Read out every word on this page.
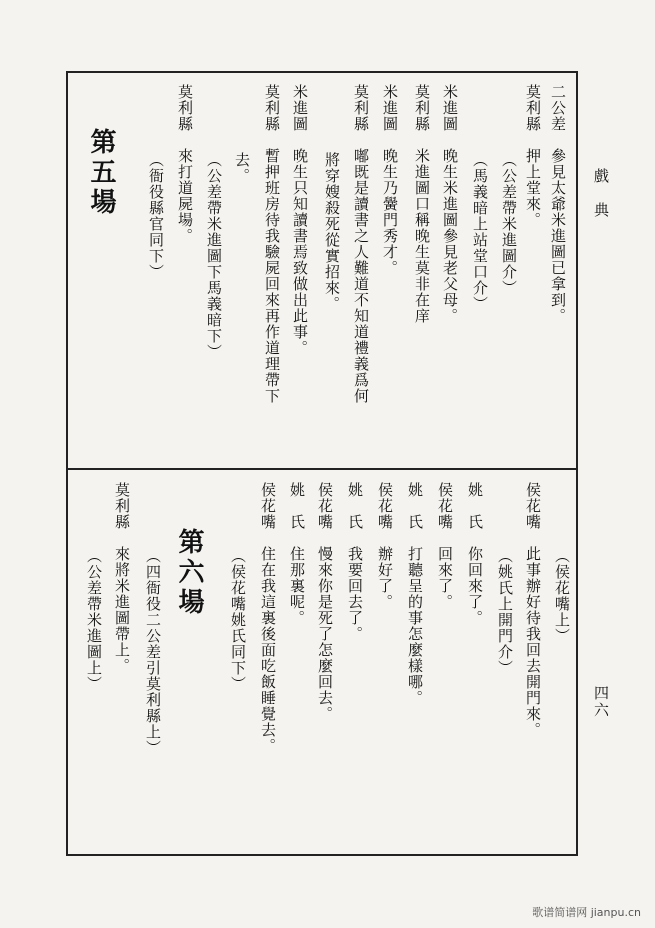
戲　典
四六
二公差　參見太爺米進圖已拿到。
莫利縣　押上堂來。
（公差帶米進圖介）
（馬義暗上站堂口介）
米進圖　晚生米進圖參見老父母。
莫利縣　米進圖口稱晚生莫非在庠
米進圖　晚生乃黌門秀才。
莫利縣　嘟既是讀書之人難道不知道禮義爲何
將穿嫂殺死從實招來。
米進圖　晚生只知讀書焉致做出此事。
莫利縣　暫押班房待我驗屍回來再作道理帶下
去。
（公差帶米進圖下馬義暗下）
莫利縣　來打道屍場。
（衙役縣官同下）
第五場
（侯花嘴上）
侯花嘴　此事辦好待我回去開門來。
（姚氏上開門介）
姚　氏　你回來了。
侯花嘴　回來了。
姚　氏　打聽呈的事怎麼樣哪。
侯花嘴　辦好了。
姚　氏　我要回去了。
侯花嘴　慢來你是死了怎麼回去。
姚　氏　住那裏呢。
侯花嘴　住在我這裏後面吃飯睡覺去。
（侯花嘴姚氏同下）
第六場
（四衙役二公差引莫利縣上）
莫利縣　來將米進圖帶上。
（公差帶米進圖上）
歌谱简谱网 jianpu.cn
